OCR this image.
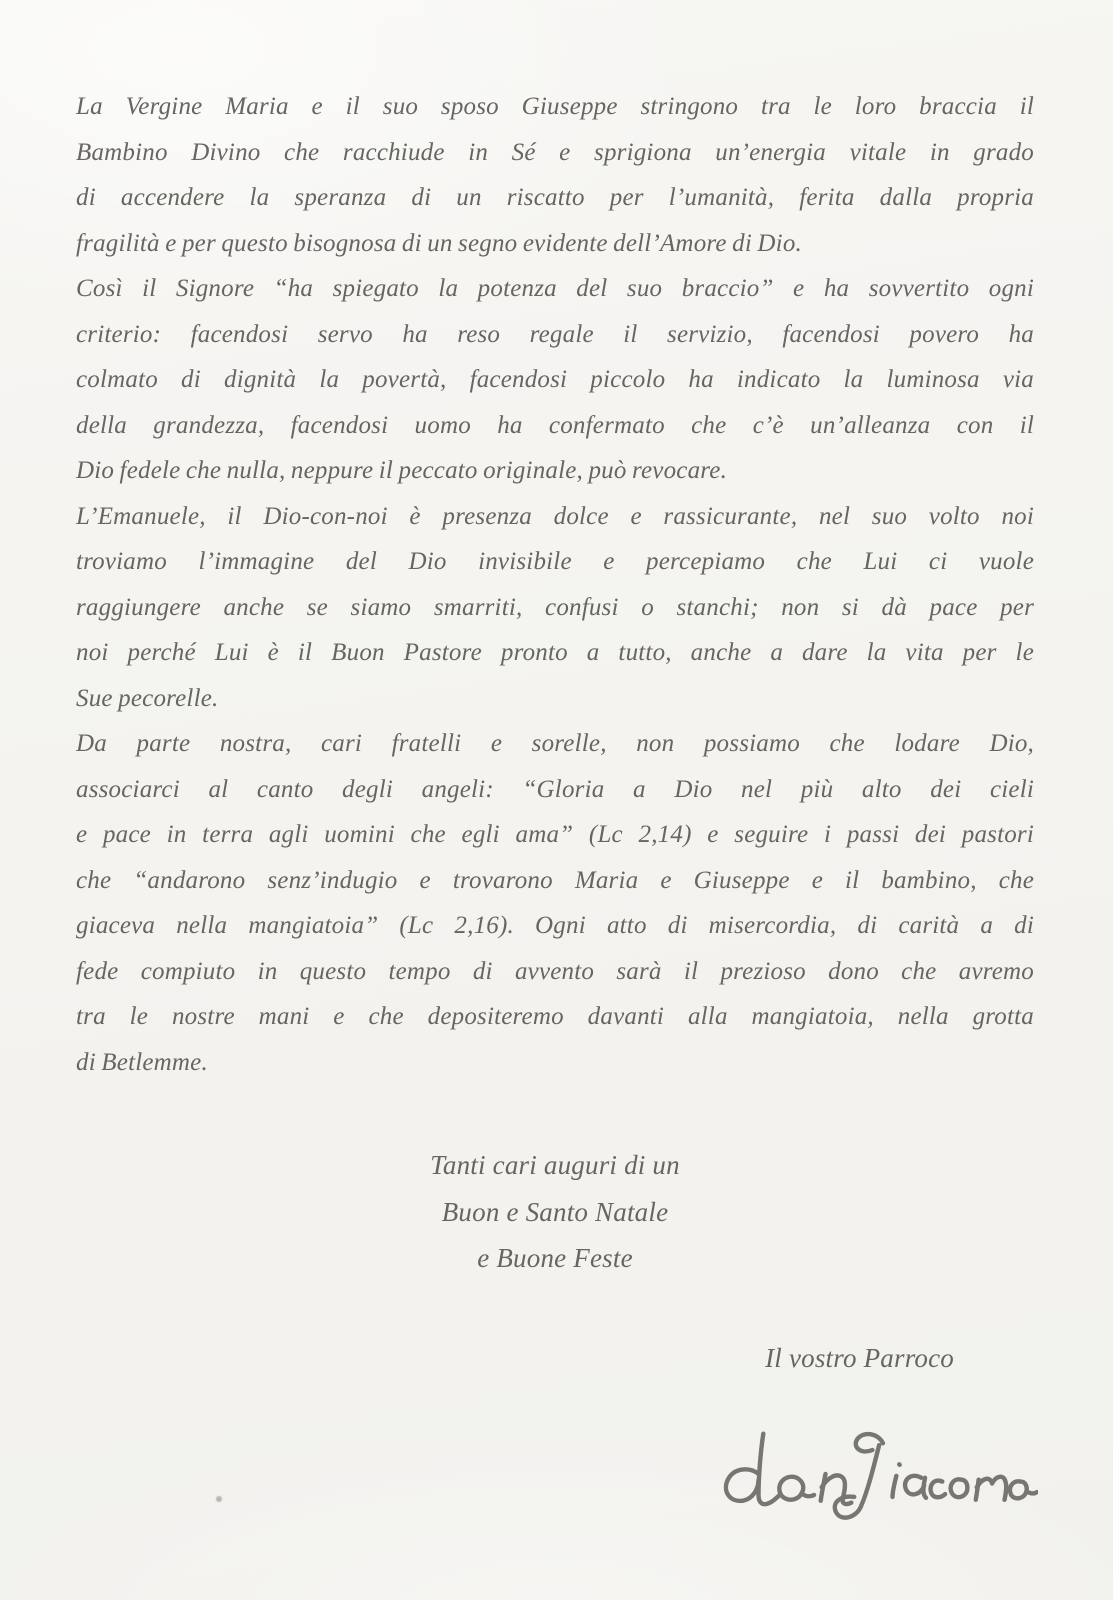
La Vergine Maria e il suo sposo Giuseppe stringono tra le loro braccia il
Bambino Divino che racchiude in Sé e sprigiona un’energia vitale in grado
di accendere la speranza di un riscatto per l’umanità, ferita dalla propria
fragilità e per questo bisognosa di un segno evidente dell’Amore di Dio.
Così il Signore “ha spiegato la potenza del suo braccio” e ha sovvertito ogni
criterio: facendosi servo ha reso regale il servizio, facendosi povero ha
colmato di dignità la povertà, facendosi piccolo ha indicato la luminosa via
della grandezza, facendosi uomo ha confermato che c’è un’alleanza con il
Dio fedele che nulla, neppure il peccato originale, può revocare.
L’Emanuele, il Dio-con-noi è presenza dolce e rassicurante, nel suo volto noi
troviamo l’immagine del Dio invisibile e percepiamo che Lui ci vuole
raggiungere anche se siamo smarriti, confusi o stanchi; non si dà pace per
noi perché Lui è il Buon Pastore pronto a tutto, anche a dare la vita per le
Sue pecorelle.
Da parte nostra, cari fratelli e sorelle, non possiamo che lodare Dio,
associarci al canto degli angeli: “Gloria a Dio nel più alto dei cieli
e pace in terra agli uomini che egli ama” (Lc 2,14) e seguire i passi dei pastori
che “andarono senz’indugio e trovarono Maria e Giuseppe e il bambino, che
giaceva nella mangiatoia” (Lc 2,16). Ogni atto di misercordia, di carità a di
fede compiuto in questo tempo di avvento sarà il prezioso dono che avremo
tra le nostre mani e che depositeremo davanti alla mangiatoia, nella grotta
di Betlemme.
Tanti cari auguri di un
Buon e Santo Natale
e Buone Feste
Il vostro Parroco
